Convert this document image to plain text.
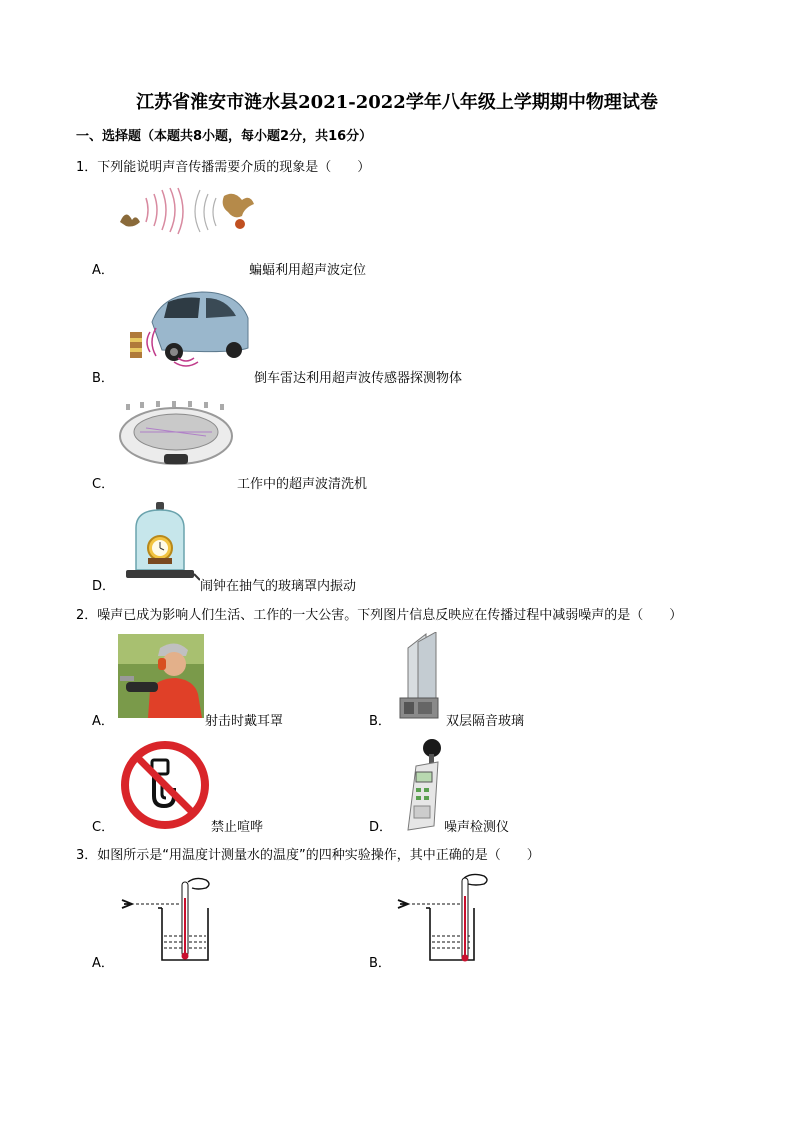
江苏省淮安市涟水县2021-2022学年八年级上学期期中物理试卷
一、选择题（本题共8小题，每小题2分，共16分）
1．下列能说明声音传播需要介质的现象是（　　）
A．	蝙蝠利用超声波定位
B．	倒车雷达利用超声波传感器探测物体
C．	工作中的超声波清洗机
D．	闹钟在抽气的玻璃罩内振动
2．噪声已成为影响人们生活、工作的一大公害。下列图片信息反映应在传播过程中减弱噪声的是（　　）
A．	射击时戴耳罩	B．	双层隔音玻璃
C．	禁止喧哗	D．	噪声检测仪
3．如图所示是“用温度计测量水的温度”的四种实验操作，其中正确的是（　　）
A．	B．
